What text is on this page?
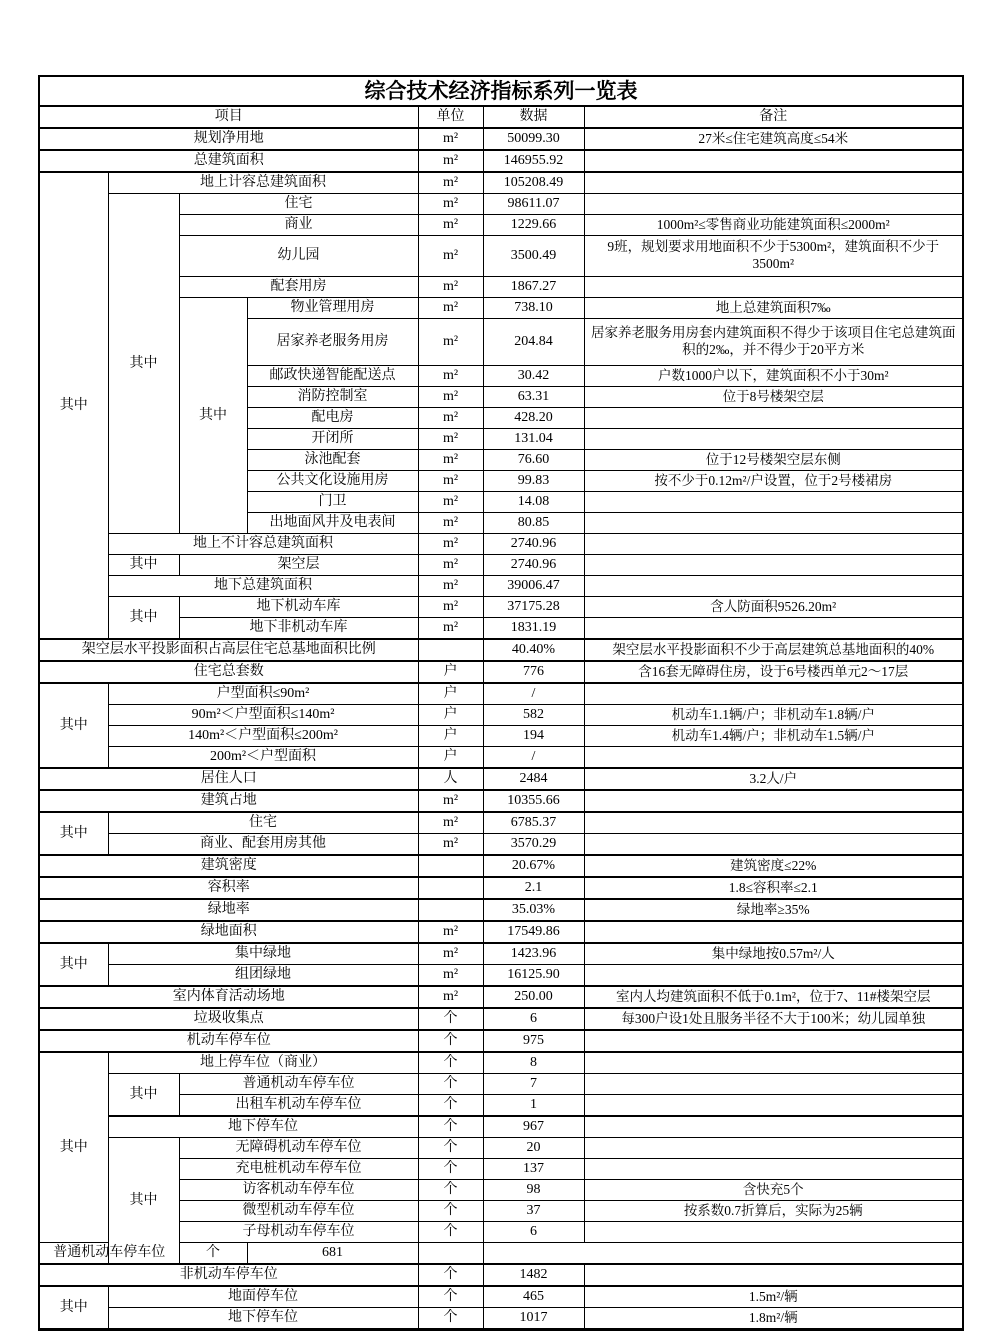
综合技术经济指标系列一览表						
项目				单位	数据	备注
规划净用地				m²	50099.30	27米≤住宅建筑高度≤54米
总建筑面积				m²	146955.92	
其中	地上计容总建筑面积			m²	105208.49	
	其中	住宅		m²	98611.07	
		商业		m²	1229.66	1000m²≤零售商业功能建筑面积≤2000m²
		幼儿园		m²	3500.49	9班，规划要求用地面积不少于5300m²，建筑面积不少于3500m²
		配套用房		m²	1867.27	
		其中	物业管理用房	m²	738.10	地上总建筑面积7‰
			居家养老服务用房	m²	204.84	居家养老服务用房套内建筑面积不得少于该项目住宅总建筑面积的2‰，并不得少于20平方米
			邮政快递智能配送点	m²	30.42	户数1000户以下，建筑面积不小于30m²
			消防控制室	m²	63.31	位于8号楼架空层
			配电房	m²	428.20	
			开闭所	m²	131.04	
			泳池配套	m²	76.60	位于12号楼架空层东侧
			公共文化设施用房	m²	99.83	按不少于0.12m²/户设置，位于2号楼裙房
			门卫	m²	14.08	
			出地面风井及电表间	m²	80.85	
	地上不计容总建筑面积			m²	2740.96	
	其中	架空层		m²	2740.96	
	地下总建筑面积			m²	39006.47	
	其中	地下机动车库		m²	37175.28	含人防面积9526.20m²
		地下非机动车库		m²	1831.19	
架空层水平投影面积占高层住宅总基地面积比例					40.40%	架空层水平投影面积不少于高层建筑总基地面积的40%
住宅总套数				户	776	含16套无障碍住房，设于6号楼西单元2～17层
其中	户型面积≤90m²			户	/	
	90m²＜户型面积≤140m²			户	582	机动车1.1辆/户；非机动车1.8辆/户
	140m²＜户型面积≤200m²			户	194	机动车1.4辆/户；非机动车1.5辆/户
	200m²＜户型面积			户	/	
居住人口				人	2484	3.2人/户
建筑占地				m²	10355.66	
其中	住宅			m²	6785.37	
	商业、配套用房其他			m²	3570.29	
建筑密度					20.67%	建筑密度≤22%
容积率					2.1	1.8≤容积率≤2.1
绿地率					35.03%	绿地率≥35%
绿地面积				m²	17549.86	
其中	集中绿地			m²	1423.96	集中绿地按0.57m²/人
	组团绿地			m²	16125.90	
室内体育活动场地				m²	250.00	室内人均建筑面积不低于0.1m²，位于7、11#楼架空层
垃圾收集点				个	6	每300户设1处且服务半径不大于100米；幼儿园单独
机动车停车位				个	975	
其中	地上停车位（商业）			个	8	
	其中	普通机动车停车位		个	7	
		出租车机动车停车位		个	1	
	地下停车位			个	967	
	其中	无障碍机动车停车位		个	20	
		充电桩机动车停车位		个	137	
		访客机动车停车位		个	98	含快充5个
		微型机动车停车位		个	37	按系数0.7折算后，实际为25辆
		子母机动车停车位		个	6	
普通机动车停车位		个	681			
非机动车停车位				个	1482	
其中	地面停车位			个	465	1.5m²/辆
	地下停车位			个	1017	1.8m²/辆
